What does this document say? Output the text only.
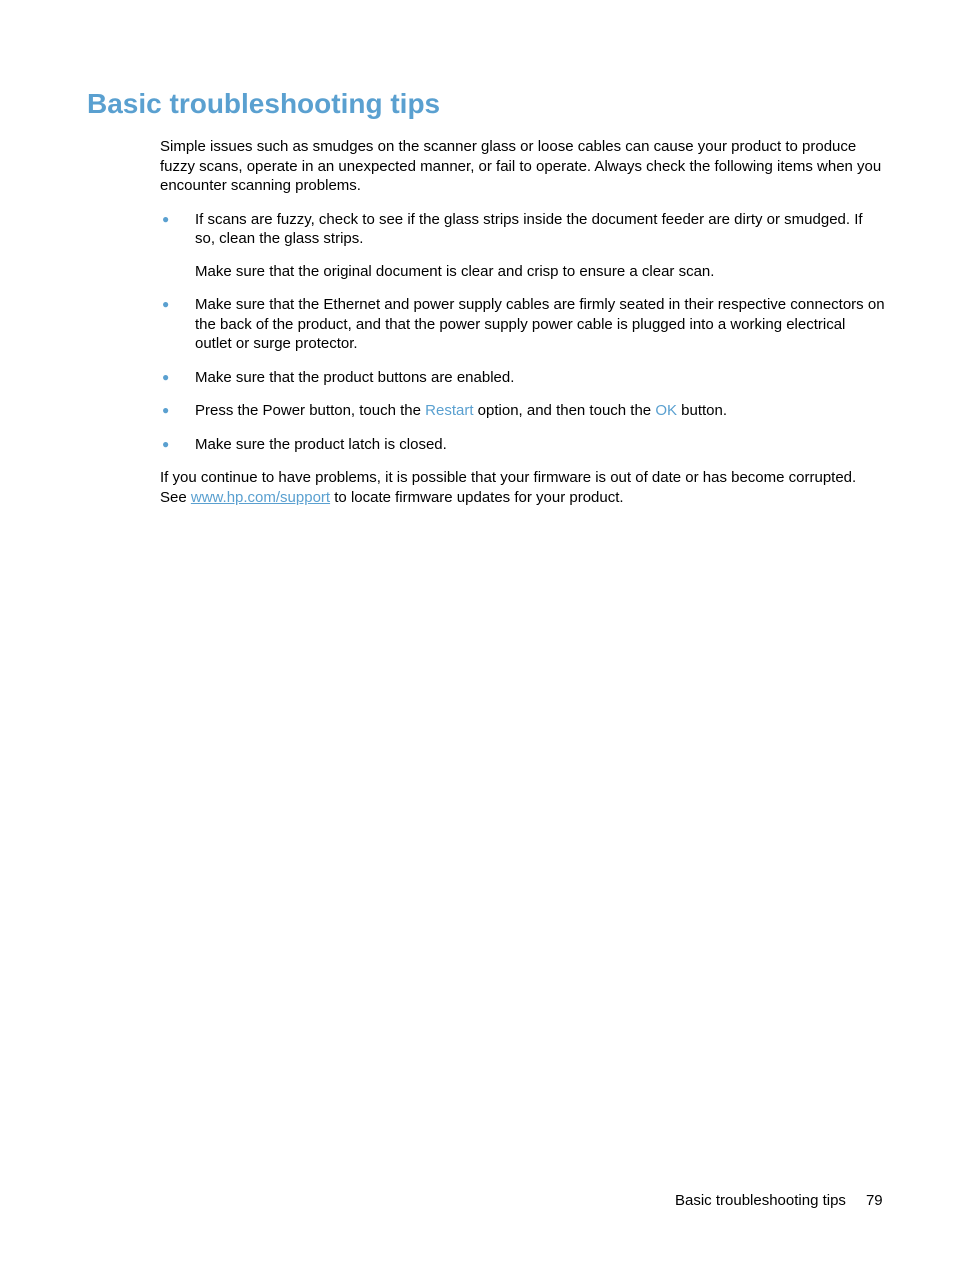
Basic troubleshooting tips

Simple issues such as smudges on the scanner glass or loose cables can cause your product to produce fuzzy scans, operate in an unexpected manner, or fail to operate. Always check the following items when you encounter scanning problems.

● If scans are fuzzy, check to see if the glass strips inside the document feeder are dirty or smudged. If so, clean the glass strips.

Make sure that the original document is clear and crisp to ensure a clear scan.

● Make sure that the Ethernet and power supply cables are firmly seated in their respective connectors on the back of the product, and that the power supply power cable is plugged into a working electrical outlet or surge protector.
● Make sure that the product buttons are enabled.
● Press the Power button, touch the Restart option, and then touch the OK button.
● Make sure the product latch is closed.

If you continue to have problems, it is possible that your firmware is out of date or has become corrupted. See www.hp.com/support to locate firmware updates for your product.

Basic troubleshooting tips 79
